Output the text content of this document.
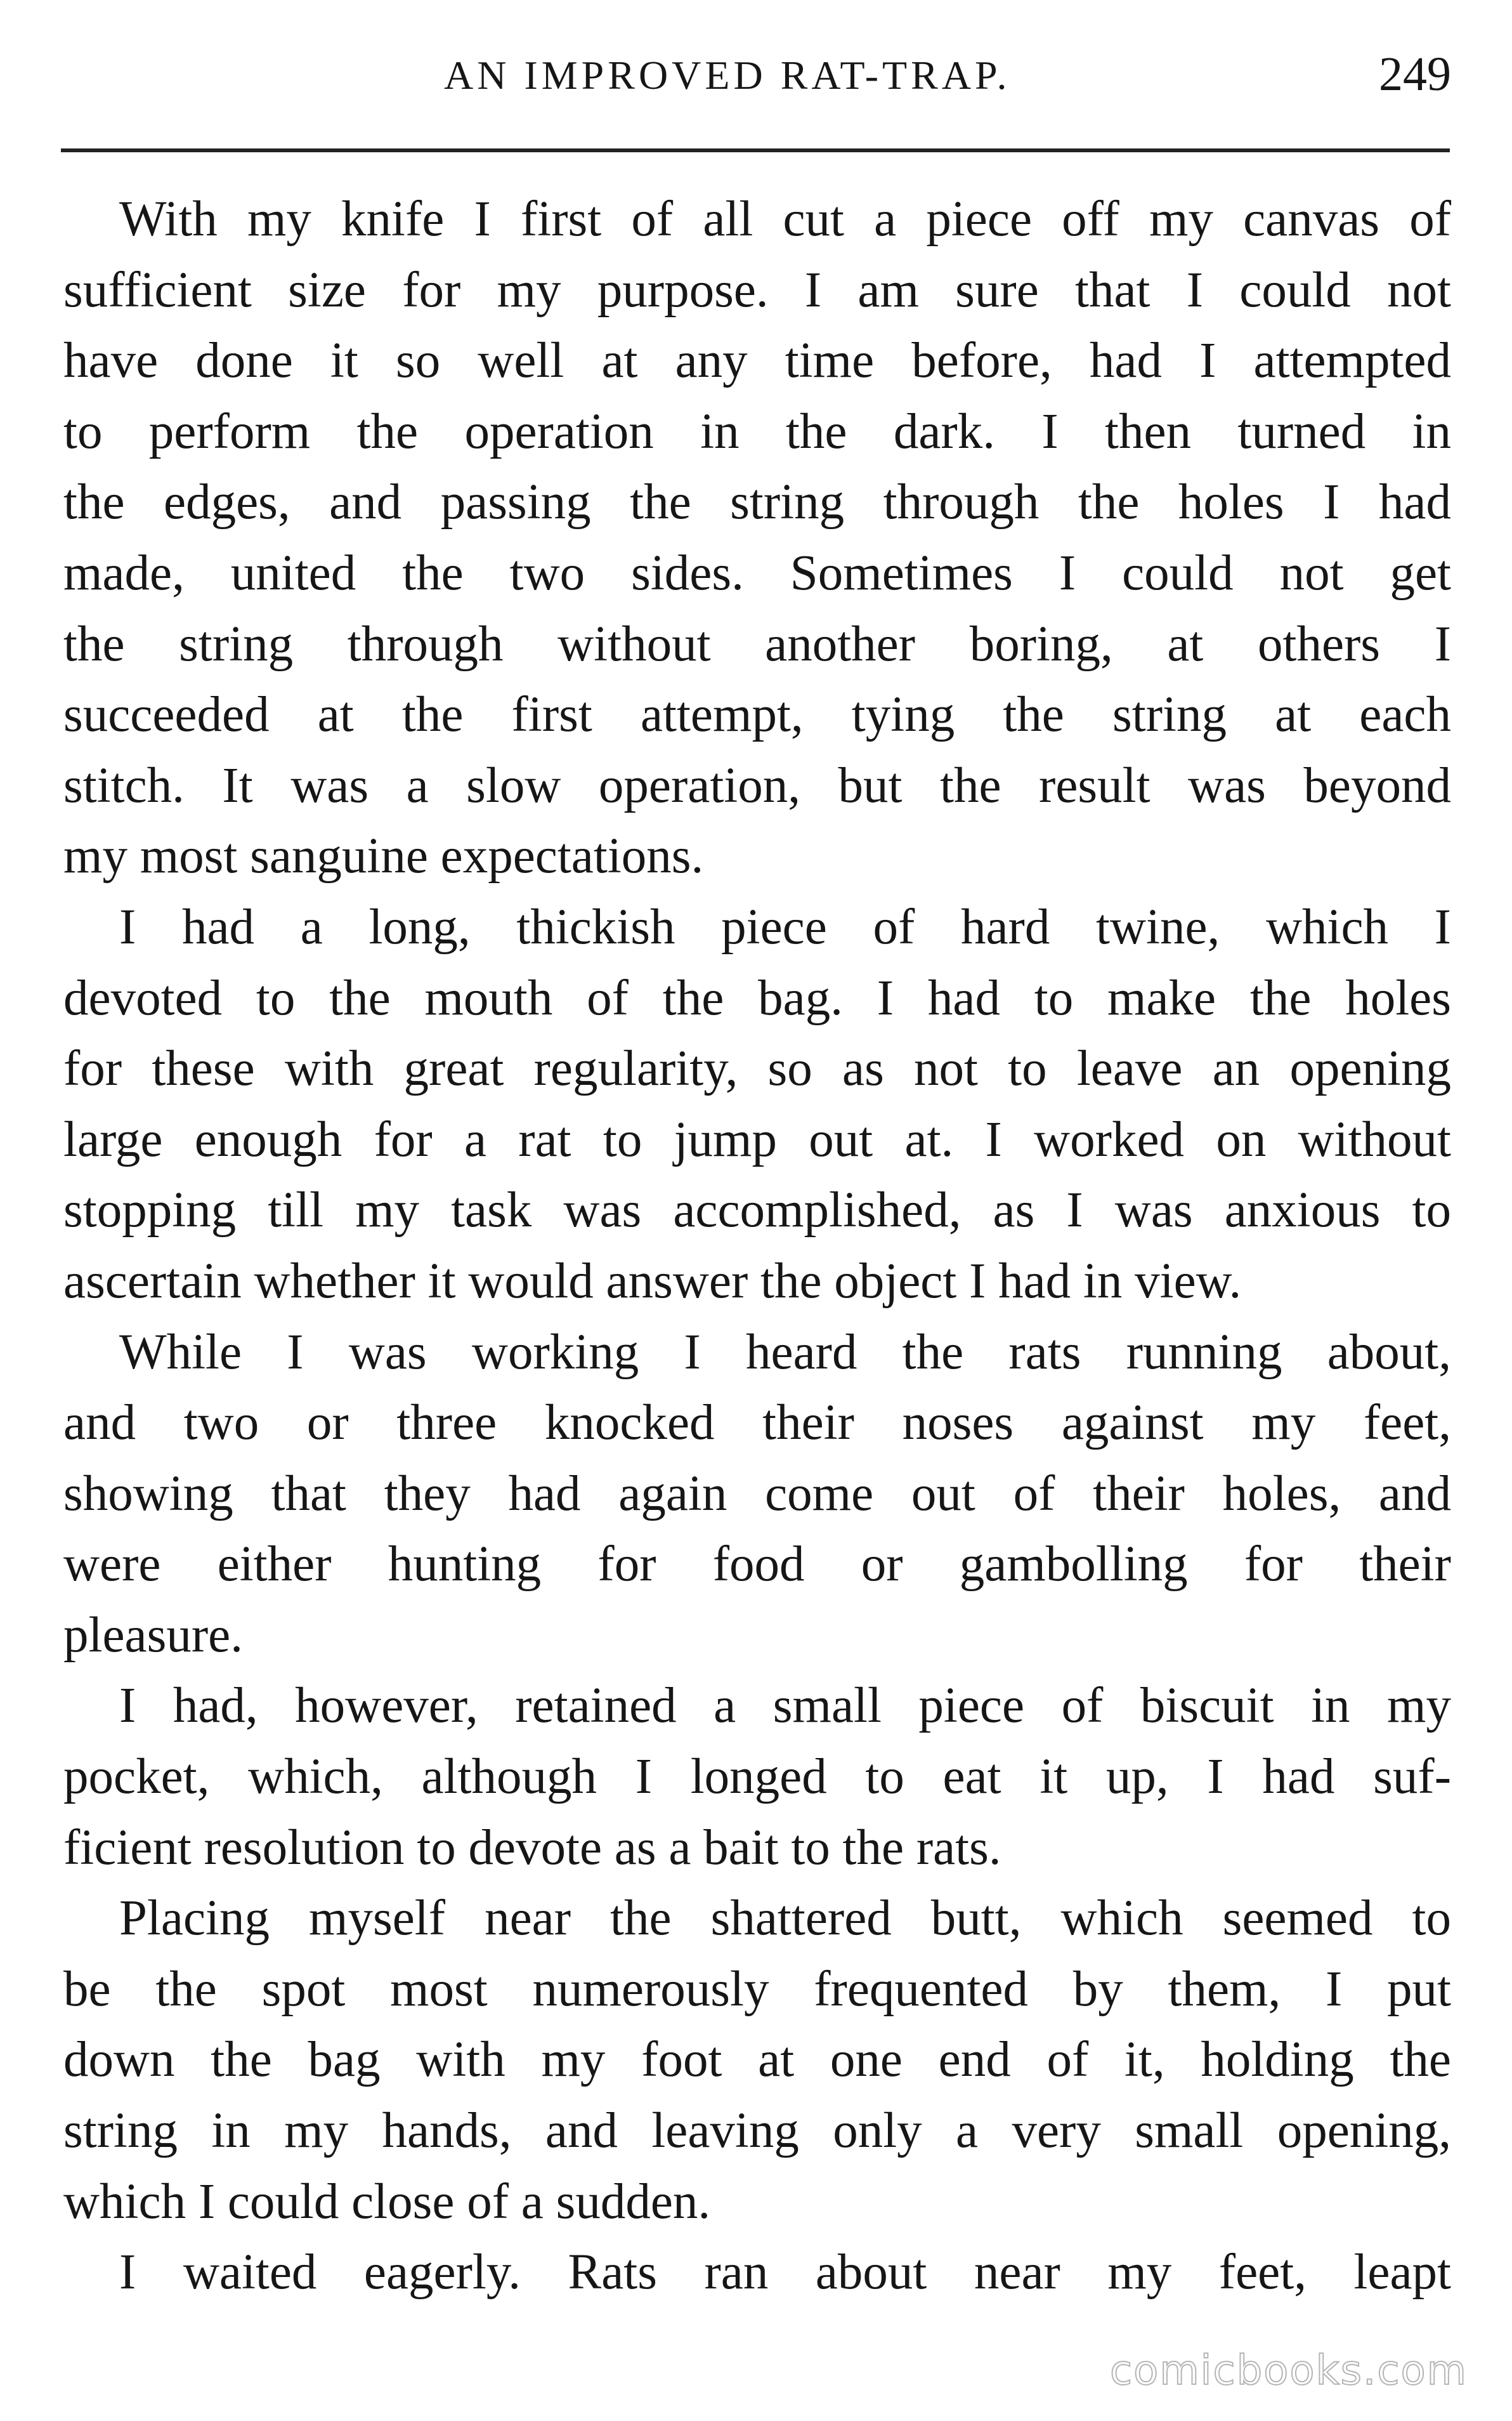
AN IMPROVED RAT-TRAP.	249
With my knife I first of all cut a piece off my canvas of
sufficient size for my purpose. I am sure that I could not
have done it so well at any time before, had I attempted
to perform the operation in the dark. I then turned in
the edges, and passing the string through the holes I had
made, united the two sides. Sometimes I could not get
the string through without another boring, at others I
succeeded at the first attempt, tying the string at each
stitch. It was a slow operation, but the result was beyond
my most sanguine expectations.
I had a long, thickish piece of hard twine, which I
devoted to the mouth of the bag. I had to make the holes
for these with great regularity, so as not to leave an opening
large enough for a rat to jump out at. I worked on without
stopping till my task was accomplished, as I was anxious to
ascertain whether it would answer the object I had in view.
While I was working I heard the rats running about,
and two or three knocked their noses against my feet,
showing that they had again come out of their holes, and
were either hunting for food or gambolling for their
pleasure.
I had, however, retained a small piece of biscuit in my
pocket, which, although I longed to eat it up, I had suf-
ficient resolution to devote as a bait to the rats.
Placing myself near the shattered butt, which seemed to
be the spot most numerously frequented by them, I put
down the bag with my foot at one end of it, holding the
string in my hands, and leaving only a very small opening,
which I could close of a sudden.
I waited eagerly. Rats ran about near my feet, leapt
comicbooks.com
